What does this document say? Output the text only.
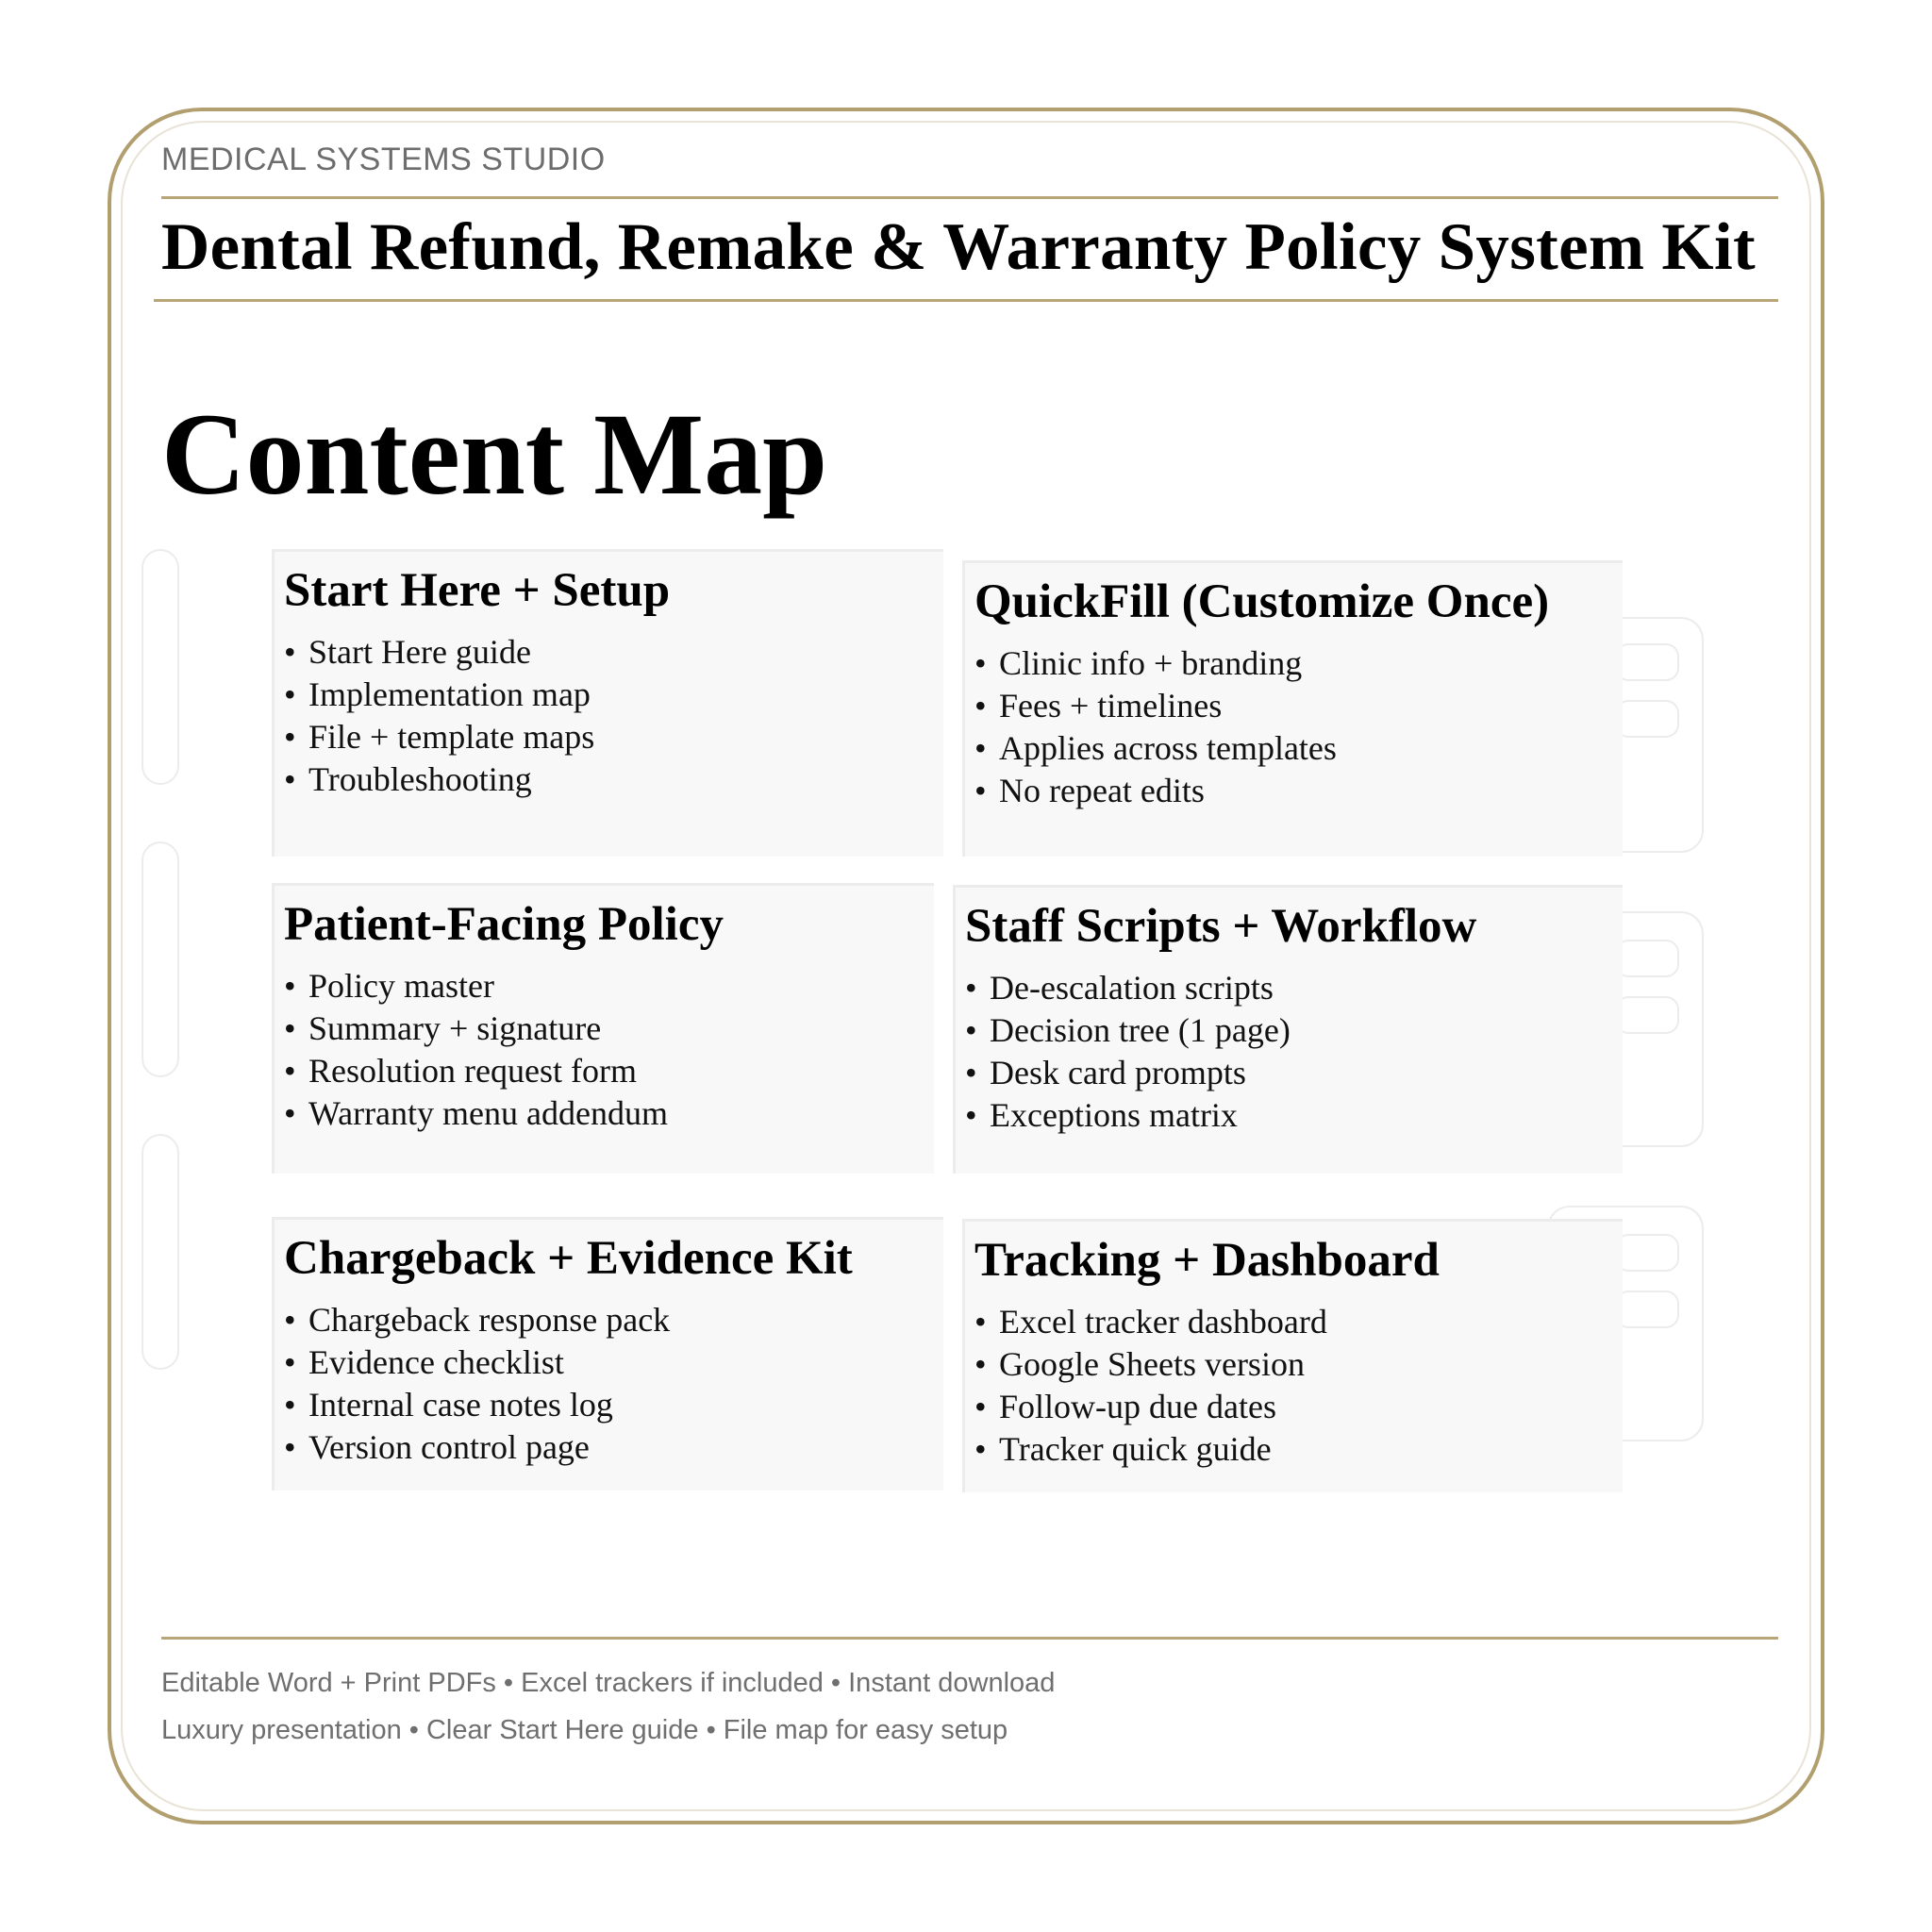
MEDICAL SYSTEMS STUDIO
Dental Refund, Remake & Warranty Policy System Kit
Content Map
Start Here + Setup
• Start Here guide
• Implementation map
• File + template maps
• Troubleshooting
QuickFill (Customize Once)
• Clinic info + branding
• Fees + timelines
• Applies across templates
• No repeat edits
Patient-Facing Policy
• Policy master
• Summary + signature
• Resolution request form
• Warranty menu addendum
Staff Scripts + Workflow
• De-escalation scripts
• Decision tree (1 page)
• Desk card prompts
• Exceptions matrix
Chargeback + Evidence Kit
• Chargeback response pack
• Evidence checklist
• Internal case notes log
• Version control page
Tracking + Dashboard
• Excel tracker dashboard
• Google Sheets version
• Follow-up due dates
• Tracker quick guide
Editable Word + Print PDFs • Excel trackers if included • Instant download
Luxury presentation • Clear Start Here guide • File map for easy setup
